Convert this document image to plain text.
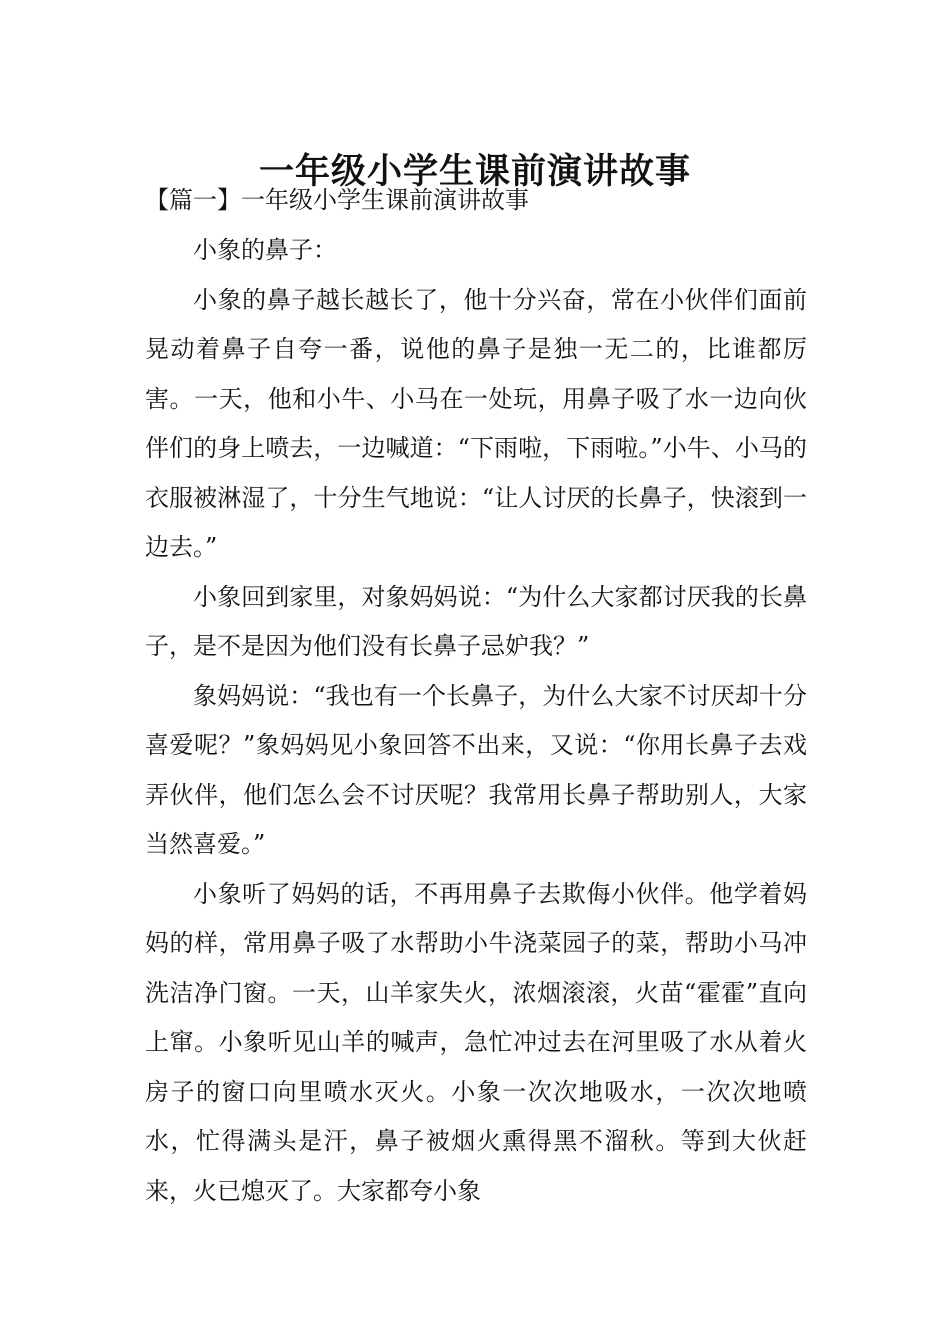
一年级小学生课前演讲故事
【篇一】一年级小学生课前演讲故事

小象的鼻子：

小象的鼻子越长越长了，他十分兴奋，常在小伙伴们面前晃动着鼻子自夸一番，说他的鼻子是独一无二的，比谁都厉害。一天，他和小牛、小马在一处玩，用鼻子吸了水一边向伙伴们的身上喷去，一边喊道：“下雨啦，下雨啦。”小牛、小马的衣服被淋湿了，十分生气地说：“让人讨厌的长鼻子，快滚到一边去。”

小象回到家里，对象妈妈说：“为什么大家都讨厌我的长鼻子，是不是因为他们没有长鼻子忌妒我？”

象妈妈说：“我也有一个长鼻子，为什么大家不讨厌却十分喜爱呢？”象妈妈见小象回答不出来，又说：“你用长鼻子去戏弄伙伴，他们怎么会不讨厌呢？我常用长鼻子帮助别人，大家当然喜爱。”

小象听了妈妈的话，不再用鼻子去欺侮小伙伴。他学着妈妈的样，常用鼻子吸了水帮助小牛浇菜园子的菜，帮助小马冲洗洁净门窗。一天，山羊家失火，浓烟滚滚，火苗“霍霍”直向上窜。小象听见山羊的喊声，急忙冲过去在河里吸了水从着火房子的窗口向里喷水灭火。小象一次次地吸水，一次次地喷水，忙得满头是汗，鼻子被烟火熏得黑不溜秋。等到大伙赶来，火已熄灭了。大家都夸小象
